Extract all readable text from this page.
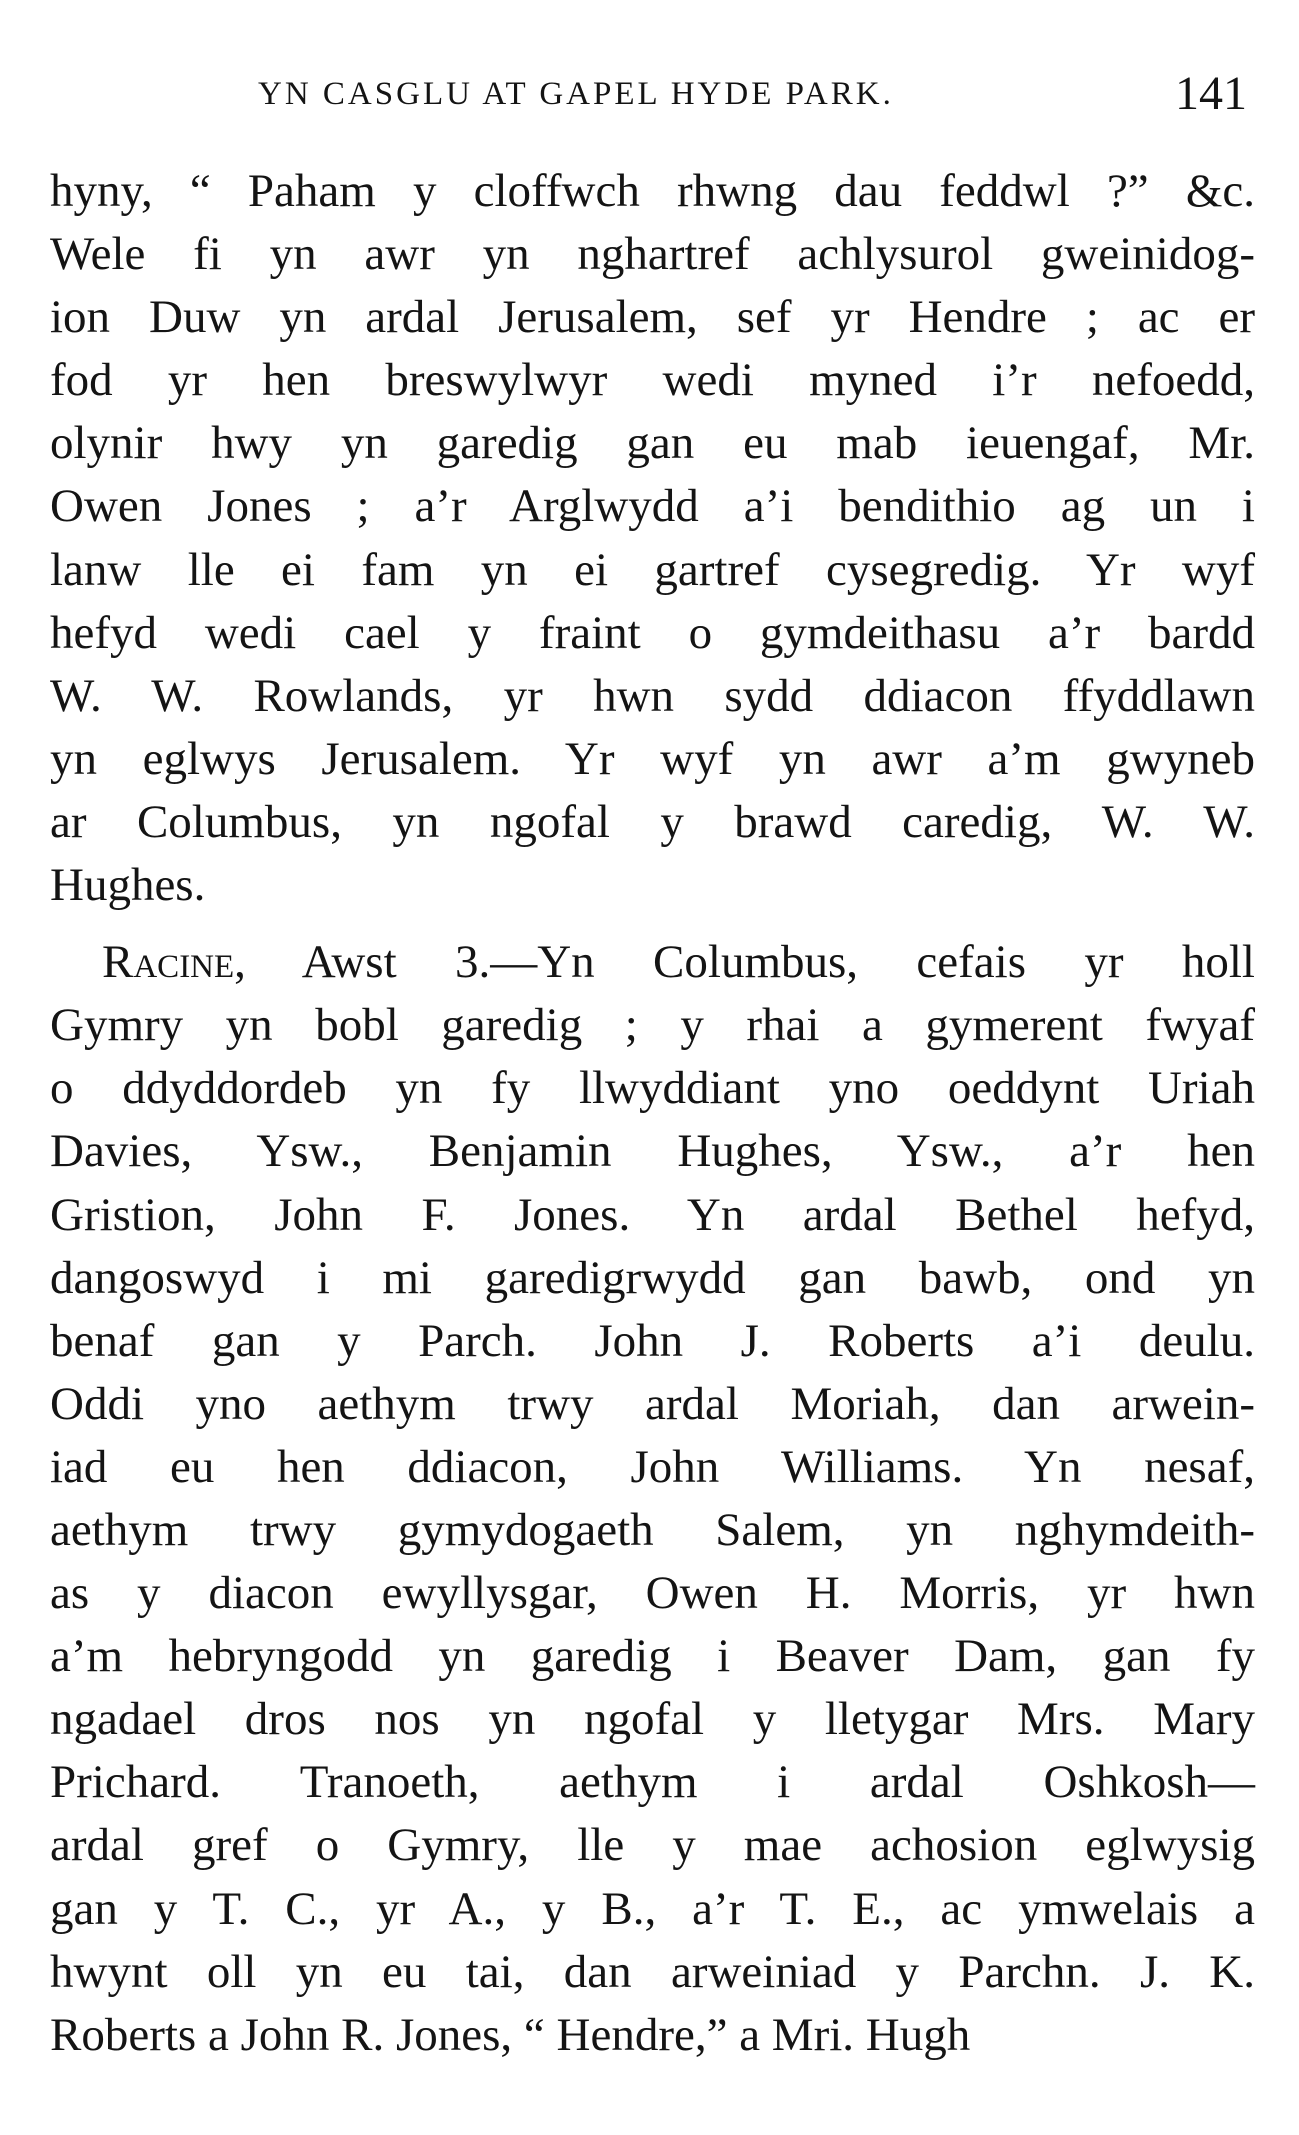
YN CASGLU AT GAPEL HYDE PARK.	141
hyny, “ Paham y cloffwch rhwng dau feddwl ?” &c.
Wele fi yn awr yn nghartref achlysurol gweinidog-
ion Duw yn ardal Jerusalem, sef yr Hendre ; ac er
fod yr hen breswylwyr wedi myned i’r nefoedd,
olynir hwy yn garedig gan eu mab ieuengaf, Mr.
Owen Jones ; a’r Arglwydd a’i bendithio ag un i
lanw lle ei fam yn ei gartref cysegredig. Yr wyf
hefyd wedi cael y fraint o gymdeithasu a’r bardd
W. W. Rowlands, yr hwn sydd ddiacon ffyddlawn
yn eglwys Jerusalem. Yr wyf yn awr a’m gwyneb
ar Columbus, yn ngofal y brawd caredig, W. W.
Hughes.
Racine, Awst 3.—Yn Columbus, cefais yr holl
Gymry yn bobl garedig ; y rhai a gymerent fwyaf
o ddyddordeb yn fy llwyddiant yno oeddynt Uriah
Davies, Ysw., Benjamin Hughes, Ysw., a’r hen
Gristion, John F. Jones. Yn ardal Bethel hefyd,
dangoswyd i mi garedigrwydd gan bawb, ond yn
benaf gan y Parch. John J. Roberts a’i deulu.
Oddi yno aethym trwy ardal Moriah, dan arwein-
iad eu hen ddiacon, John Williams. Yn nesaf,
aethym trwy gymydogaeth Salem, yn nghymdeith-
as y diacon ewyllysgar, Owen H. Morris, yr hwn
a’m hebryngodd yn garedig i Beaver Dam, gan fy
ngadael dros nos yn ngofal y lletygar Mrs. Mary
Prichard. Tranoeth, aethym i ardal Oshkosh—
ardal gref o Gymry, lle y mae achosion eglwysig
gan y T. C., yr A., y B., a’r T. E., ac ymwelais a
hwynt oll yn eu tai, dan arweiniad y Parchn. J. K.
Roberts a John R. Jones, “ Hendre,” a Mri. Hugh
